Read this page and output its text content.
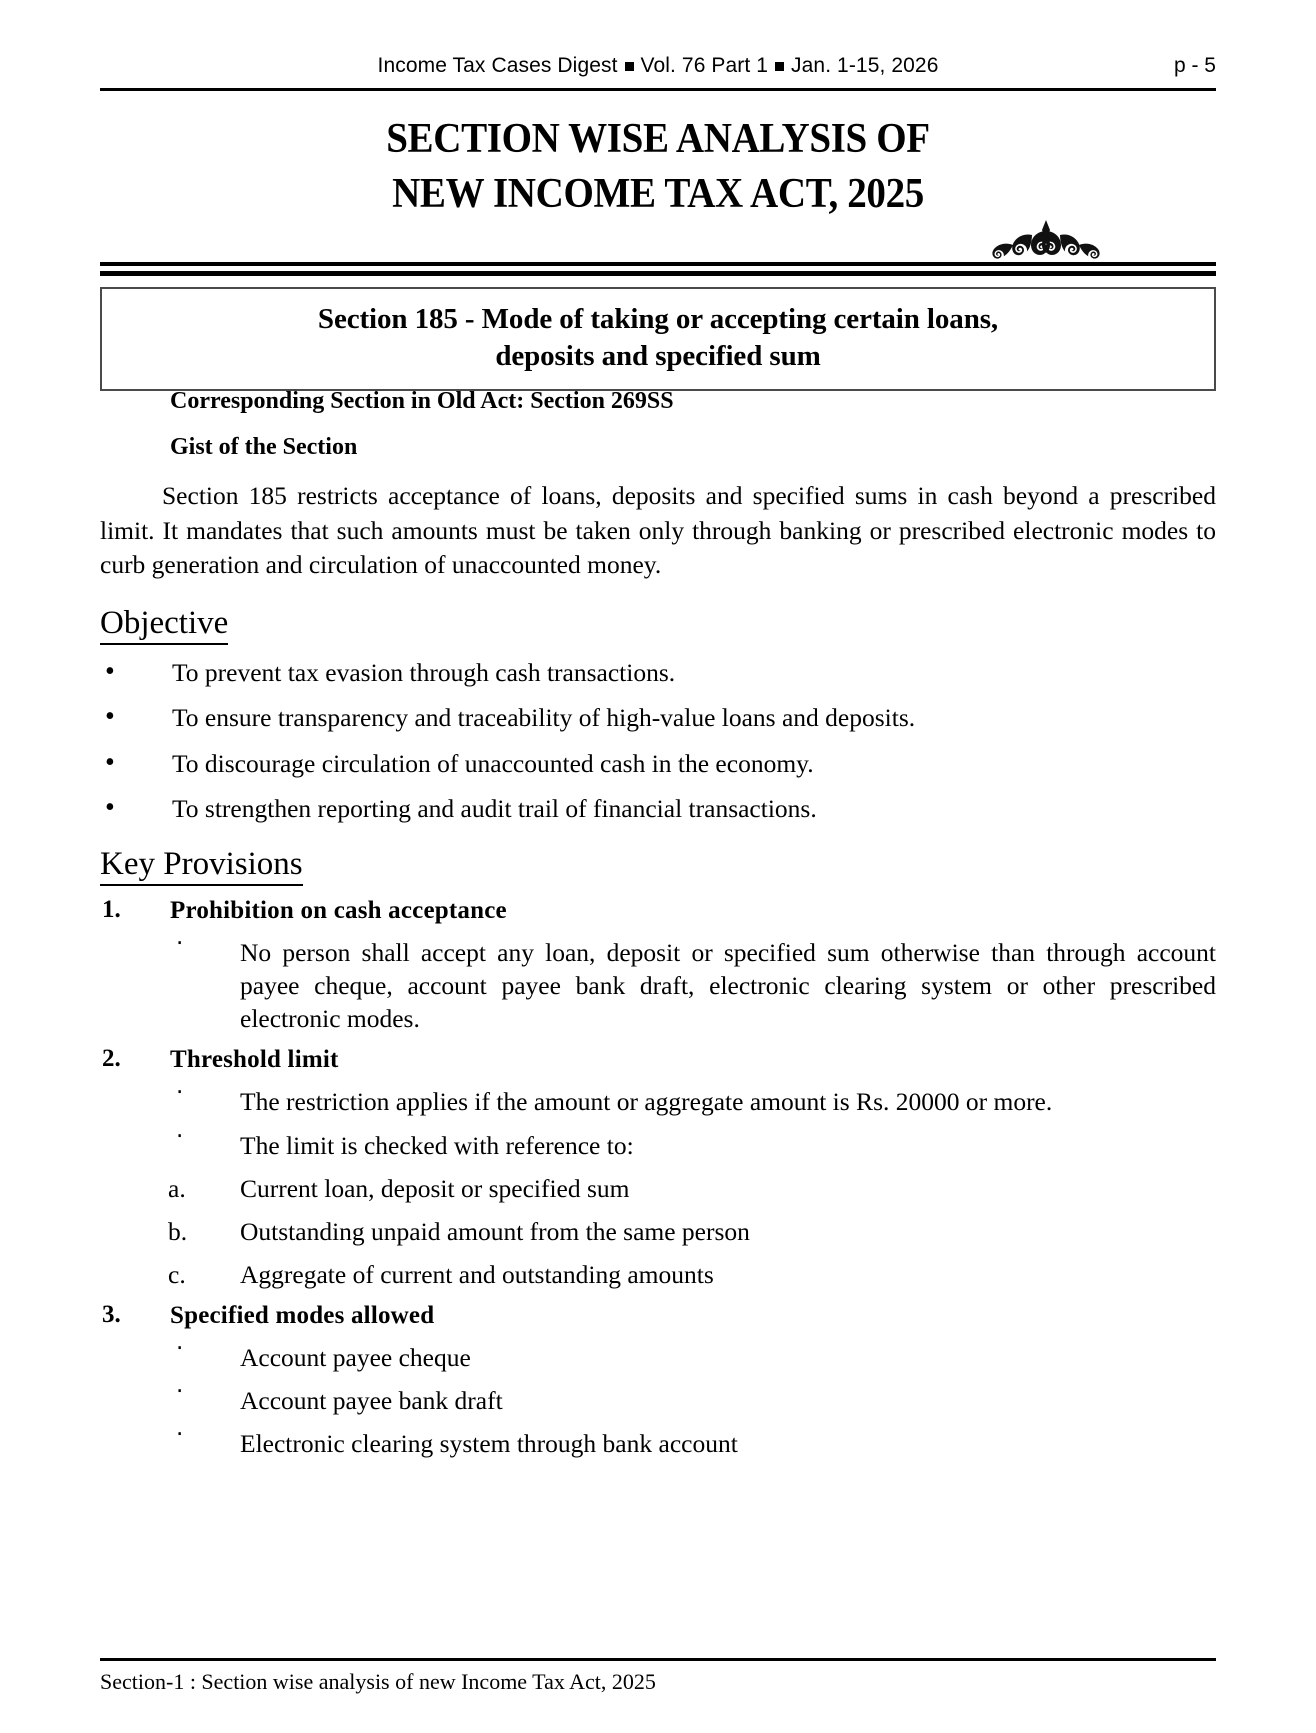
Income Tax Cases Digest Vol. 76 Part 1 Jan. 1-15, 2026	p - 5
SECTION WISE ANALYSIS OF
NEW INCOME TAX ACT, 2025
Section 185 - Mode of taking or accepting certain loans,
deposits and specified sum
Corresponding Section in Old Act: Section 269SS
Gist of the Section
Section 185 restricts acceptance of loans, deposits and specified sums in cash beyond a prescribed limit. It mandates that such amounts must be taken only through banking or prescribed electronic modes to curb generation and circulation of unaccounted money.
Objective
• To prevent tax evasion through cash transactions.
• To ensure transparency and traceability of high-value loans and deposits.
• To discourage circulation of unaccounted cash in the economy.
• To strengthen reporting and audit trail of financial transactions.
Key Provisions
1.	Prohibition on cash acceptance
‧ No person shall accept any loan, deposit or specified sum otherwise than through account payee cheque, account payee bank draft, electronic clearing system or other prescribed electronic modes.
2.	Threshold limit
‧ The restriction applies if the amount or aggregate amount is Rs. 20000 or more.
‧ The limit is checked with reference to:
a. Current loan, deposit or specified sum
b. Outstanding unpaid amount from the same person
c. Aggregate of current and outstanding amounts
3.	Specified modes allowed
‧ Account payee cheque
‧ Account payee bank draft
‧ Electronic clearing system through bank account
Section-1 : Section wise analysis of new Income Tax Act, 2025
